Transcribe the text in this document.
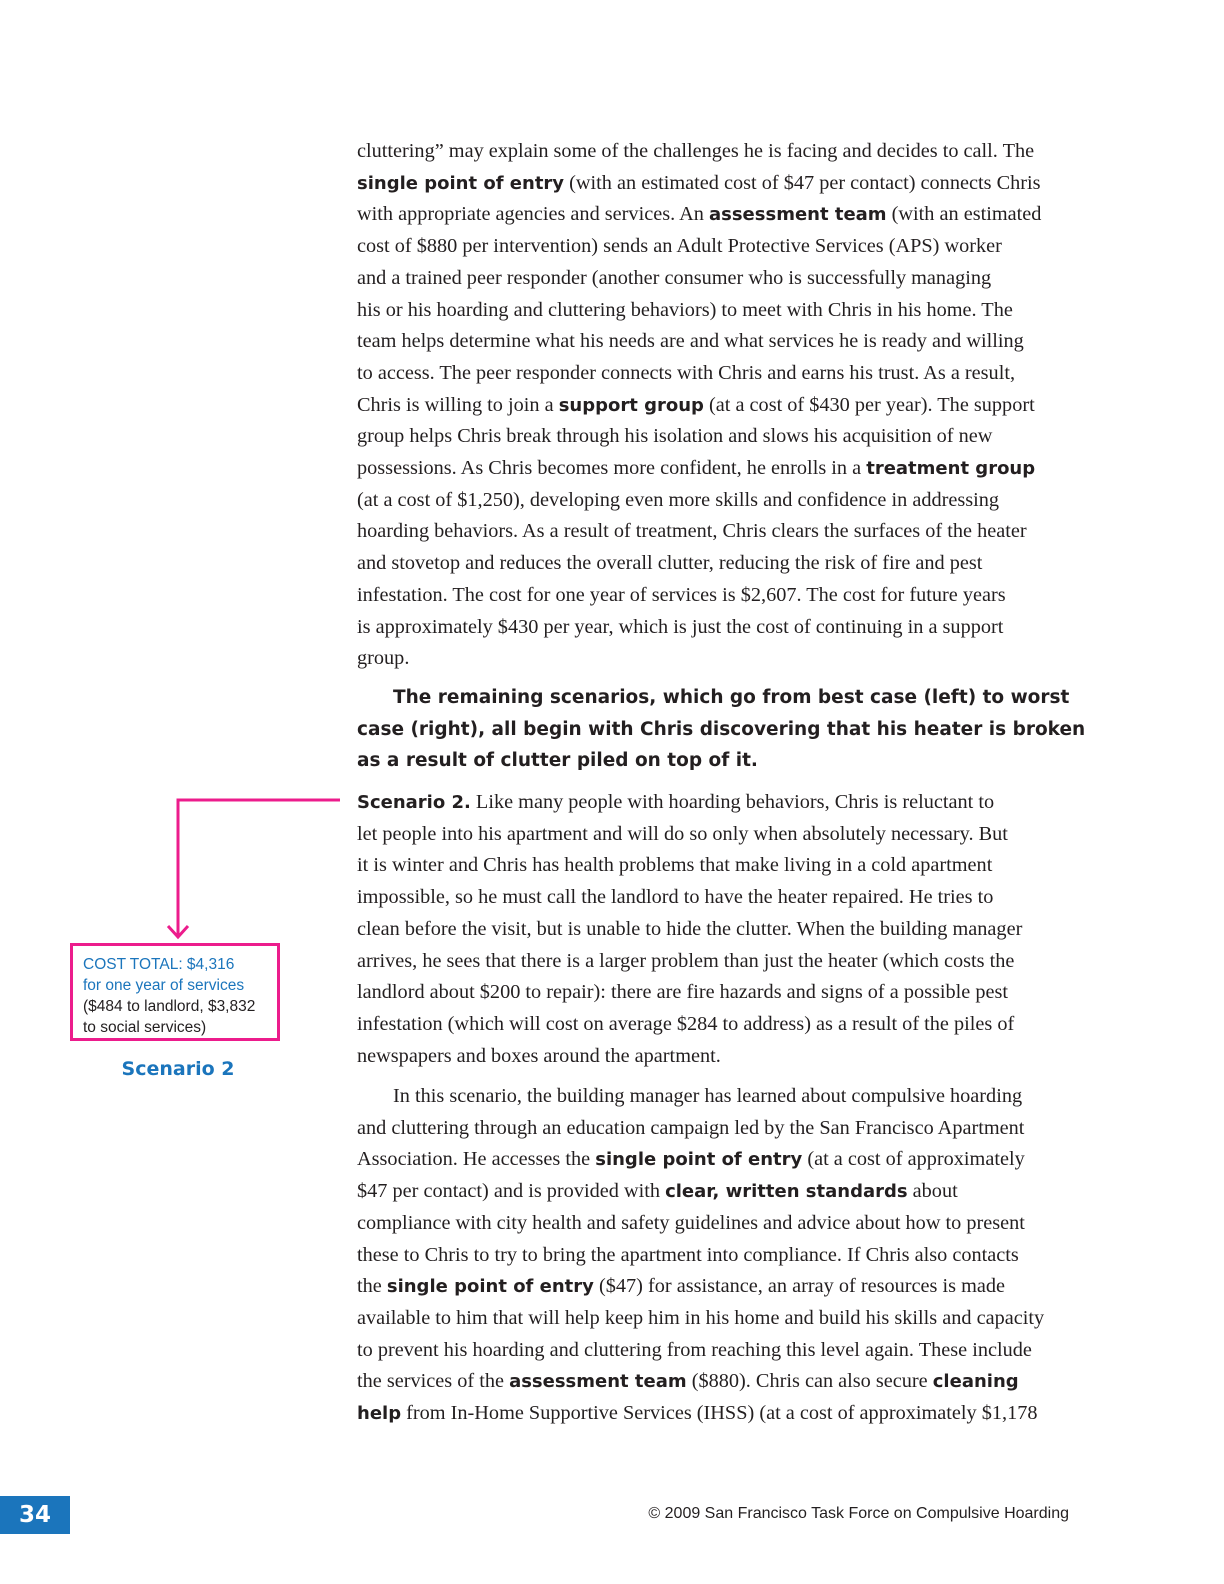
cluttering” may explain some of the challenges he is facing and decides to call. The
single point of entry (with an estimated cost of $47 per contact) connects Chris
with appropriate agencies and services. An assessment team (with an estimated
cost of $880 per intervention) sends an Adult Protective Services (APS) worker
and a trained peer responder (another consumer who is successfully managing
his or his hoarding and cluttering behaviors) to meet with Chris in his home. The
team helps determine what his needs are and what services he is ready and willing
to access. The peer responder connects with Chris and earns his trust. As a result,
Chris is willing to join a support group (at a cost of $430 per year). The support
group helps Chris break through his isolation and slows his acquisition of new
possessions. As Chris becomes more confident, he enrolls in a treatment group
(at a cost of $1,250), developing even more skills and confidence in addressing
hoarding behaviors. As a result of treatment, Chris clears the surfaces of the heater
and stovetop and reduces the overall clutter, reducing the risk of fire and pest
infestation. The cost for one year of services is $2,607. The cost for future years
is approximately $430 per year, which is just the cost of continuing in a support
group.
The remaining scenarios, which go from best case (left) to worst
case (right), all begin with Chris discovering that his heater is broken
as a result of clutter piled on top of it.
Scenario 2. Like many people with hoarding behaviors, Chris is reluctant to
let people into his apartment and will do so only when absolutely necessary. But
it is winter and Chris has health problems that make living in a cold apartment
impossible, so he must call the landlord to have the heater repaired. He tries to
clean before the visit, but is unable to hide the clutter. When the building manager
arrives, he sees that there is a larger problem than just the heater (which costs the
landlord about $200 to repair): there are fire hazards and signs of a possible pest
infestation (which will cost on average $284 to address) as a result of the piles of
newspapers and boxes around the apartment.
In this scenario, the building manager has learned about compulsive hoarding
and cluttering through an education campaign led by the San Francisco Apartment
Association. He accesses the single point of entry (at a cost of approximately
$47 per contact) and is provided with clear, written standards about
compliance with city health and safety guidelines and advice about how to present
these to Chris to try to bring the apartment into compliance. If Chris also contacts
the single point of entry ($47) for assistance, an array of resources is made
available to him that will help keep him in his home and build his skills and capacity
to prevent his hoarding and cluttering from reaching this level again. These include
the services of the assessment team ($880). Chris can also secure cleaning
help from In-Home Supportive Services (IHSS) (at a cost of approximately $1,178
COST TOTAL: $4,316
for one year of services
($484 to landlord, $3,832
to social services)
Scenario 2
34	© 2009 San Francisco Task Force on Compulsive Hoarding
